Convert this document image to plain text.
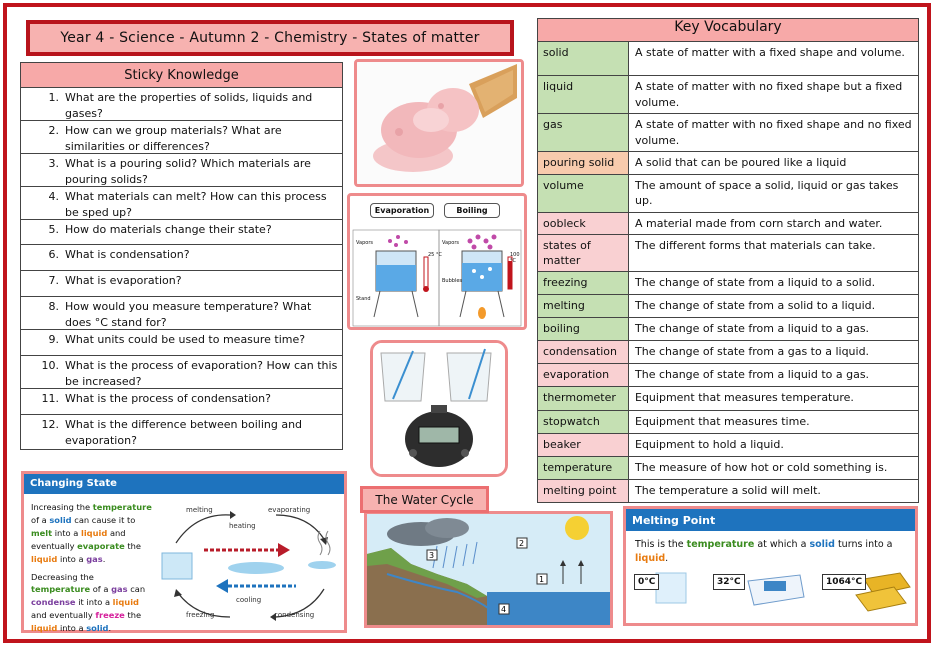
Year 4 - Science - Autumn 2 - Chemistry - States of matter
Sticky Knowledge
1. What are the properties of solids, liquids and gases?
2. How can we group materials? What are similarities or differences?
3. What is a pouring solid? Which materials are pouring solids?
4. What materials can melt? How can this process be sped up?
5. How do materials change their state?
6. What is condensation?
7. What is evaporation?
8. How would you measure temperature? What does °C stand for?
9. What units could be used to measure time?
10. What is the process of evaporation? How can this be increased?
11. What is the process of condensation?
12. What is the difference between boiling and evaporation?
Key Vocabulary	
solid	A state of matter with a fixed shape and volume.
liquid	A state of matter with no fixed shape but a fixed volume.
gas	A state of matter with no fixed shape and no fixed volume.
pouring solid	A solid that can be poured like a liquid
volume	The amount of space a solid, liquid or gas takes up.
oobleck	A material made from corn starch and water.
states of matter	The different forms that materials can take.
freezing	The change of state from a liquid to a solid.
melting	The change of state from a solid to a liquid.
boiling	The change of state from a liquid to a gas.
condensation	The change of state from a gas to a liquid.
evaporation	The change of state from a liquid to a gas.
thermometer	Equipment that measures temperature.
stopwatch	Equipment that measures time.
beaker	Equipment to hold a liquid.
temperature	The measure of how hot or cold something is.
melting point	The temperature a solid will melt.
Evaporation	Boiling
Vapors	Vapors
Stand
Bubbles
25 °C	100 °C
Changing State
Increasing the temperature of a solid can cause it to melt into a liquid and eventually evaporate the liquid into a gas.
Decreasing the temperature of a gas can condense it into a liquid and eventually freeze the liquid into a solid.
melting	evaporating
heating
cooling
freezing	condensing
2
3
1
4
The Water Cycle
Melting Point
This is the temperature at which a solid turns into a liquid.
0°C	32°C	1064°C
